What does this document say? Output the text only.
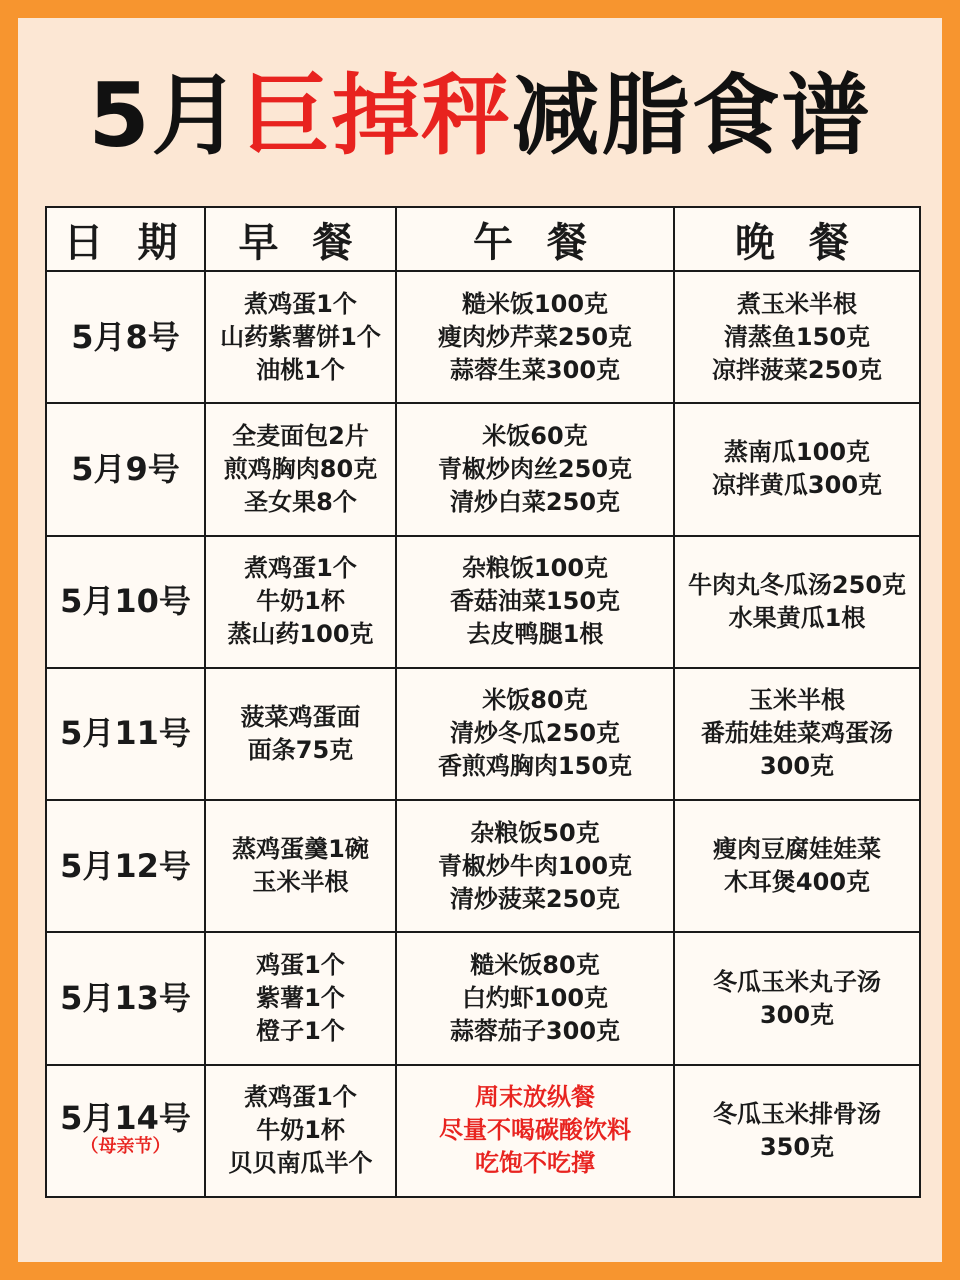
5月巨掉秤减脂食谱
日 期	早 餐	午 餐	晚 餐

5月8号	煮鸡蛋1个
山药紫薯饼1个
油桃1个	糙米饭100克
瘦肉炒芹菜250克
蒜蓉生菜300克	煮玉米半根
清蒸鱼150克
凉拌菠菜250克

5月9号	全麦面包2片
煎鸡胸肉80克
圣女果8个	米饭60克
青椒炒肉丝250克
清炒白菜250克	蒸南瓜100克
凉拌黄瓜300克

5月10号	煮鸡蛋1个
牛奶1杯
蒸山药100克	杂粮饭100克
香菇油菜150克
去皮鸭腿1根	牛肉丸冬瓜汤250克
水果黄瓜1根

5月11号	菠菜鸡蛋面
面条75克	米饭80克
清炒冬瓜250克
香煎鸡胸肉150克	玉米半根
番茄娃娃菜鸡蛋汤
300克

5月12号	蒸鸡蛋羹1碗
玉米半根	杂粮饭50克
青椒炒牛肉100克
清炒菠菜250克	瘦肉豆腐娃娃菜
木耳煲400克

5月13号	鸡蛋1个
紫薯1个
橙子1个	糙米饭80克
白灼虾100克
蒜蓉茄子300克	冬瓜玉米丸子汤
300克

5月14号
（母亲节）	煮鸡蛋1个
牛奶1杯
贝贝南瓜半个	周末放纵餐
尽量不喝碳酸饮料
吃饱不吃撑	冬瓜玉米排骨汤
350克
